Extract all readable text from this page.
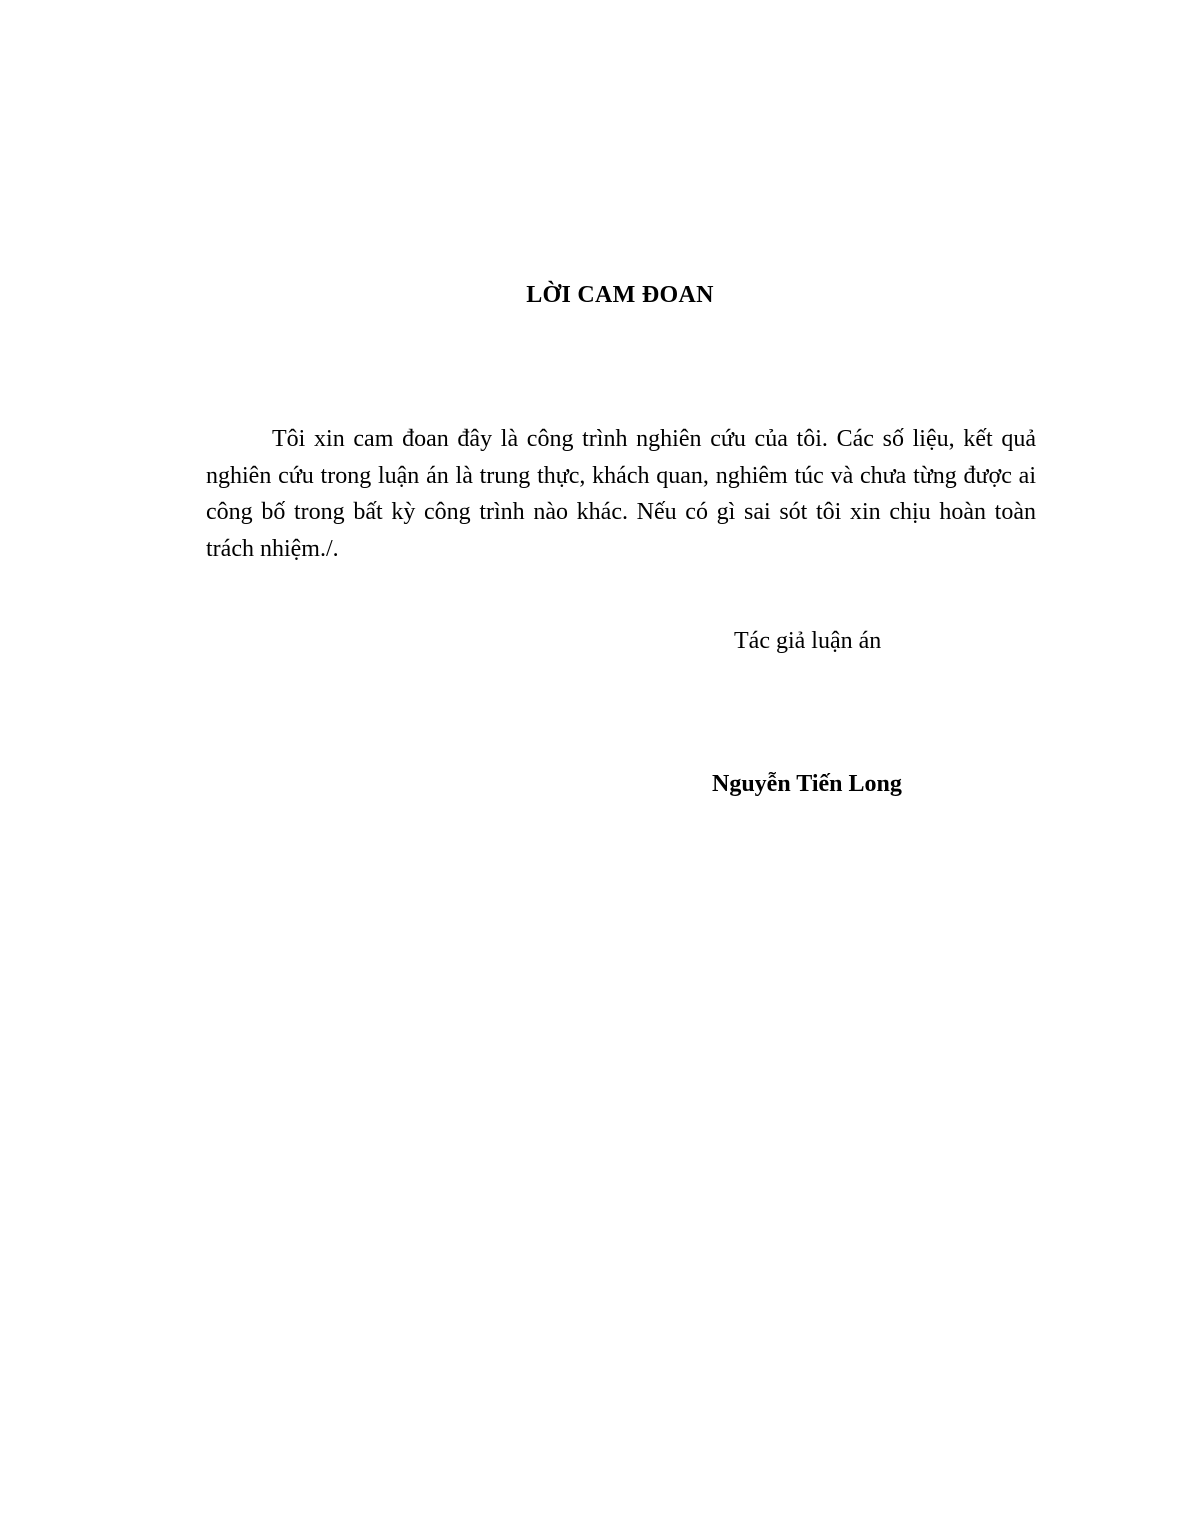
LỜI CAM ĐOAN

Tôi xin cam đoan đây là công trình nghiên cứu của tôi. Các số liệu, kết quả nghiên cứu trong luận án là trung thực, khách quan, nghiêm túc và chưa từng được ai công bố trong bất kỳ công trình nào khác. Nếu có gì sai sót tôi xin chịu hoàn toàn trách nhiệm./.

Tác giả luận án
Nguyễn Tiến Long
